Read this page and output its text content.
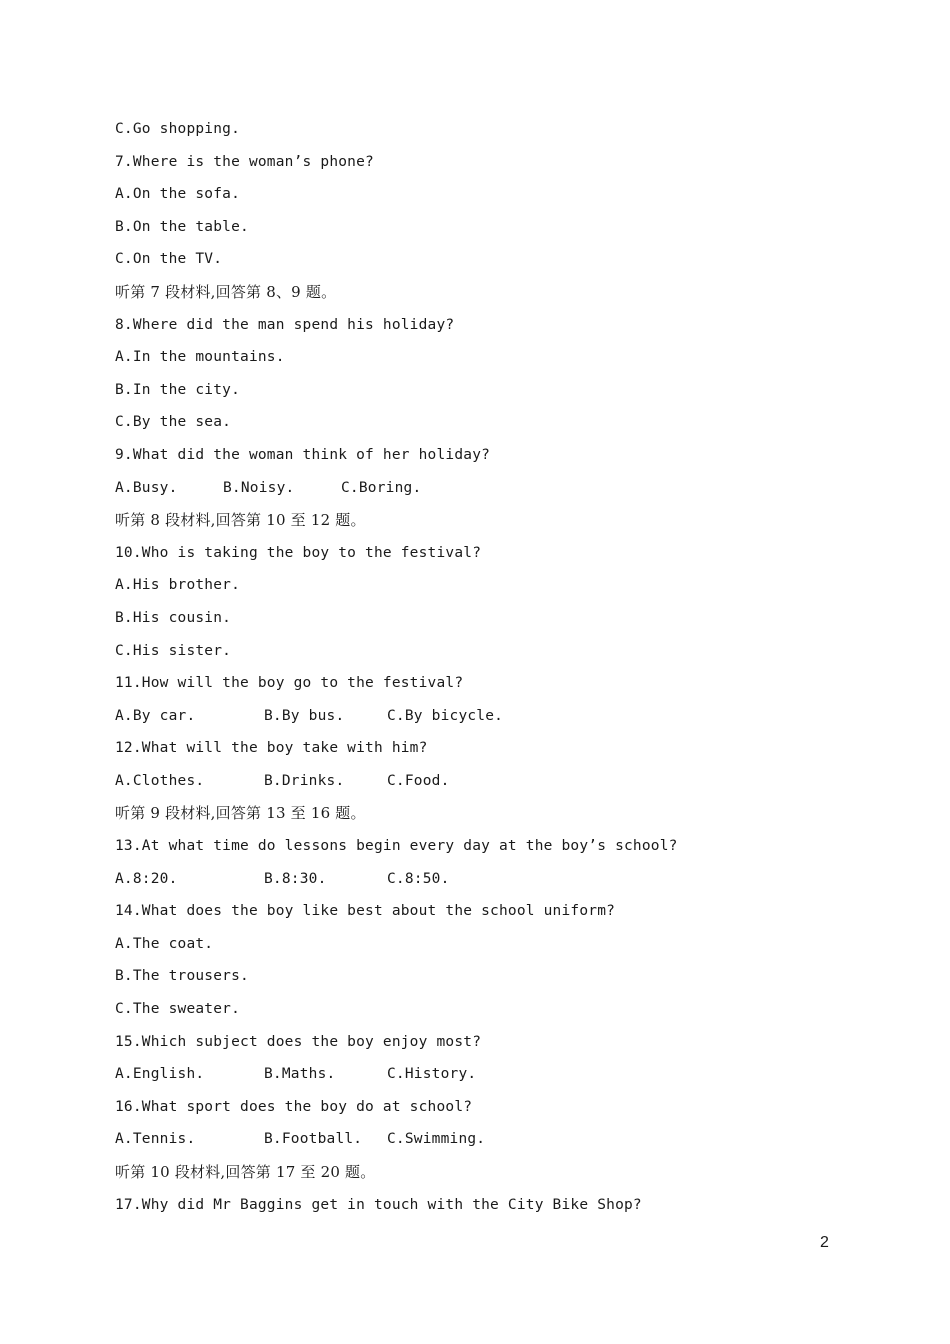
C.Go shopping.
7.Where is the woman’s phone?
A.On the sofa.
B.On the table.
C.On the TV.
听第 7 段材料,回答第 8、9 题。
8.Where did the man spend his holiday?
A.In the mountains.
B.In the city.
C.By the sea.
9.What did the woman think of her holiday?
A.Busy.	B.Noisy.	C.Boring.
听第 8 段材料,回答第 10 至 12 题。
10.Who is taking the boy to the festival?
A.His brother.
B.His cousin.
C.His sister.
11.How will the boy go to the festival?
A.By car.	B.By bus.	C.By bicycle.
12.What will the boy take with him?
A.Clothes.	B.Drinks.	C.Food.
听第 9 段材料,回答第 13 至 16 题。
13.At what time do lessons begin every day at the boy’s school?
A.8:20.	B.8:30.	C.8:50.
14.What does the boy like best about the school uniform?
A.The coat.
B.The trousers.
C.The sweater.
15.Which subject does the boy enjoy most?
A.English.	B.Maths.	C.History.
16.What sport does the boy do at school?
A.Tennis.	B.Football. C.Swimming.
听第 10 段材料,回答第 17 至 20 题。
17.Why did Mr Baggins get in touch with the City Bike Shop?
2
